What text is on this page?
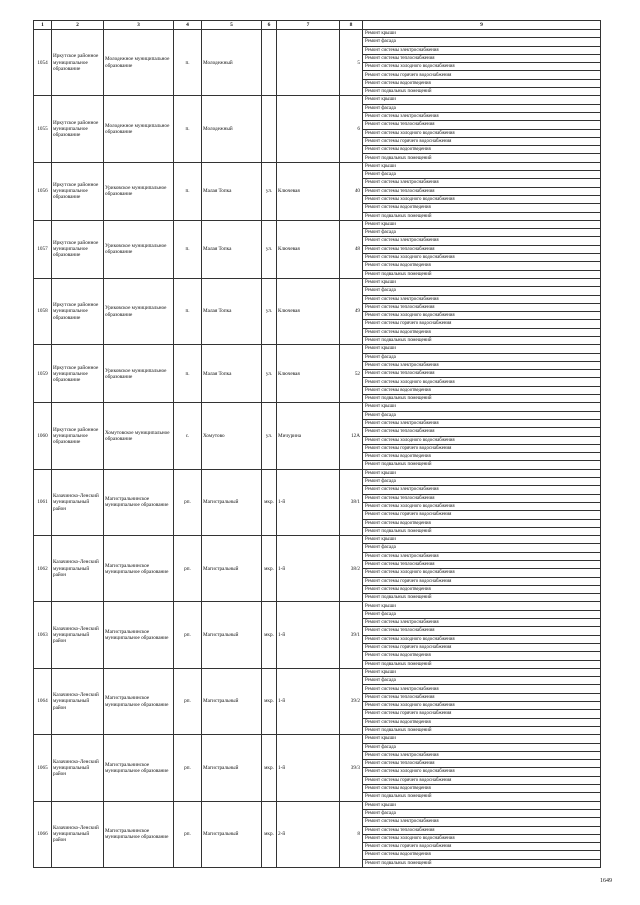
1	2	3	4	5	6	7	8	9
1054	Иркутское районное муниципальное образование	Молодежное муниципальное образование	п.	Молодежный			5	Ремонт крыши
								Ремонт фасада
								Ремонт системы электроснабжения
								Ремонт системы теплоснабжения
								Ремонт системы холодного водоснабжения
								Ремонт системы горячего водоснабжения
								Ремонт системы водоотведения
								Ремонт подвальных помещений
1055	Иркутское районное муниципальное образование	Молодежное муниципальное образование	п.	Молодежный			6	Ремонт крыши
								Ремонт фасада
								Ремонт системы электроснабжения
								Ремонт системы теплоснабжения
								Ремонт системы холодного водоснабжения
								Ремонт системы горячего водоснабжения
								Ремонт системы водоотведения
								Ремонт подвальных помещений
1056	Иркутское районное муниципальное образование	Уриковское муниципальное образование	п.	Малая Топка	ул.	Ключевая	40	Ремонт крыши
								Ремонт фасада
								Ремонт системы электроснабжения
								Ремонт системы теплоснабжения
								Ремонт системы холодного водоснабжения
								Ремонт системы водоотведения
								Ремонт подвальных помещений
1057	Иркутское районное муниципальное образование	Уриковское муниципальное образование	п.	Малая Топка	ул.	Ключевая	48	Ремонт крыши
								Ремонт фасада
								Ремонт системы электроснабжения
								Ремонт системы теплоснабжения
								Ремонт системы холодного водоснабжения
								Ремонт системы водоотведения
								Ремонт подвальных помещений
1058	Иркутское районное муниципальное образование	Уриковское муниципальное образование	п.	Малая Топка	ул.	Ключевая	49	Ремонт крыши
								Ремонт фасада
								Ремонт системы электроснабжения
								Ремонт системы теплоснабжения
								Ремонт системы холодного водоснабжения
								Ремонт системы горячего водоснабжения
								Ремонт системы водоотведения
								Ремонт подвальных помещений
1059	Иркутское районное муниципальное образование	Уриковское муниципальное образование	п.	Малая Топка	ул.	Ключевая	52	Ремонт крыши
								Ремонт фасада
								Ремонт системы электроснабжения
								Ремонт системы теплоснабжения
								Ремонт системы холодного водоснабжения
								Ремонт системы водоотведения
								Ремонт подвальных помещений
1060	Иркутское районное муниципальное образование	Хомутовское муниципальное образование	с.	Хомутово	ул.	Мичурина	12А	Ремонт крыши
								Ремонт фасада
								Ремонт системы электроснабжения
								Ремонт системы теплоснабжения
								Ремонт системы холодного водоснабжения
								Ремонт системы горячего водоснабжения
								Ремонт системы водоотведения
								Ремонт подвальных помещений
1061	Казачинско-Ленский муниципальный район	Магистральнинское муниципальное образование	рп.	Магистральный	мкр.	1-й	38/1	Ремонт крыши
								Ремонт фасада
								Ремонт системы электроснабжения
								Ремонт системы теплоснабжения
								Ремонт системы холодного водоснабжения
								Ремонт системы горячего водоснабжения
								Ремонт системы водоотведения
								Ремонт подвальных помещений
1062	Казачинско-Ленский муниципальный район	Магистральнинское муниципальное образование	рп.	Магистральный	мкр.	1-й	38/2	Ремонт крыши
								Ремонт фасада
								Ремонт системы электроснабжения
								Ремонт системы теплоснабжения
								Ремонт системы холодного водоснабжения
								Ремонт системы горячего водоснабжения
								Ремонт системы водоотведения
								Ремонт подвальных помещений
1063	Казачинско-Ленский муниципальный район	Магистральнинское муниципальное образование	рп.	Магистральный	мкр.	1-й	39/1	Ремонт крыши
								Ремонт фасада
								Ремонт системы электроснабжения
								Ремонт системы теплоснабжения
								Ремонт системы холодного водоснабжения
								Ремонт системы горячего водоснабжения
								Ремонт системы водоотведения
								Ремонт подвальных помещений
1064	Казачинско-Ленский муниципальный район	Магистральнинское муниципальное образование	рп.	Магистральный	мкр.	1-й	39/2	Ремонт крыши
								Ремонт фасада
								Ремонт системы электроснабжения
								Ремонт системы теплоснабжения
								Ремонт системы холодного водоснабжения
								Ремонт системы горячего водоснабжения
								Ремонт системы водоотведения
								Ремонт подвальных помещений
1065	Казачинско-Ленский муниципальный район	Магистральнинское муниципальное образование	рп.	Магистральный	мкр.	1-й	39/3	Ремонт крыши
								Ремонт фасада
								Ремонт системы электроснабжения
								Ремонт системы теплоснабжения
								Ремонт системы холодного водоснабжения
								Ремонт системы горячего водоснабжения
								Ремонт системы водоотведения
								Ремонт подвальных помещений
1066	Казачинско-Ленский муниципальный район	Магистральнинское муниципальное образование	рп.	Магистральный	мкр.	2-й	8	Ремонт крыши
								Ремонт фасада
								Ремонт системы электроснабжения
								Ремонт системы теплоснабжения
								Ремонт системы холодного водоснабжения
								Ремонт системы горячего водоснабжения
								Ремонт системы водоотведения
								Ремонт подвальных помещений
1649
